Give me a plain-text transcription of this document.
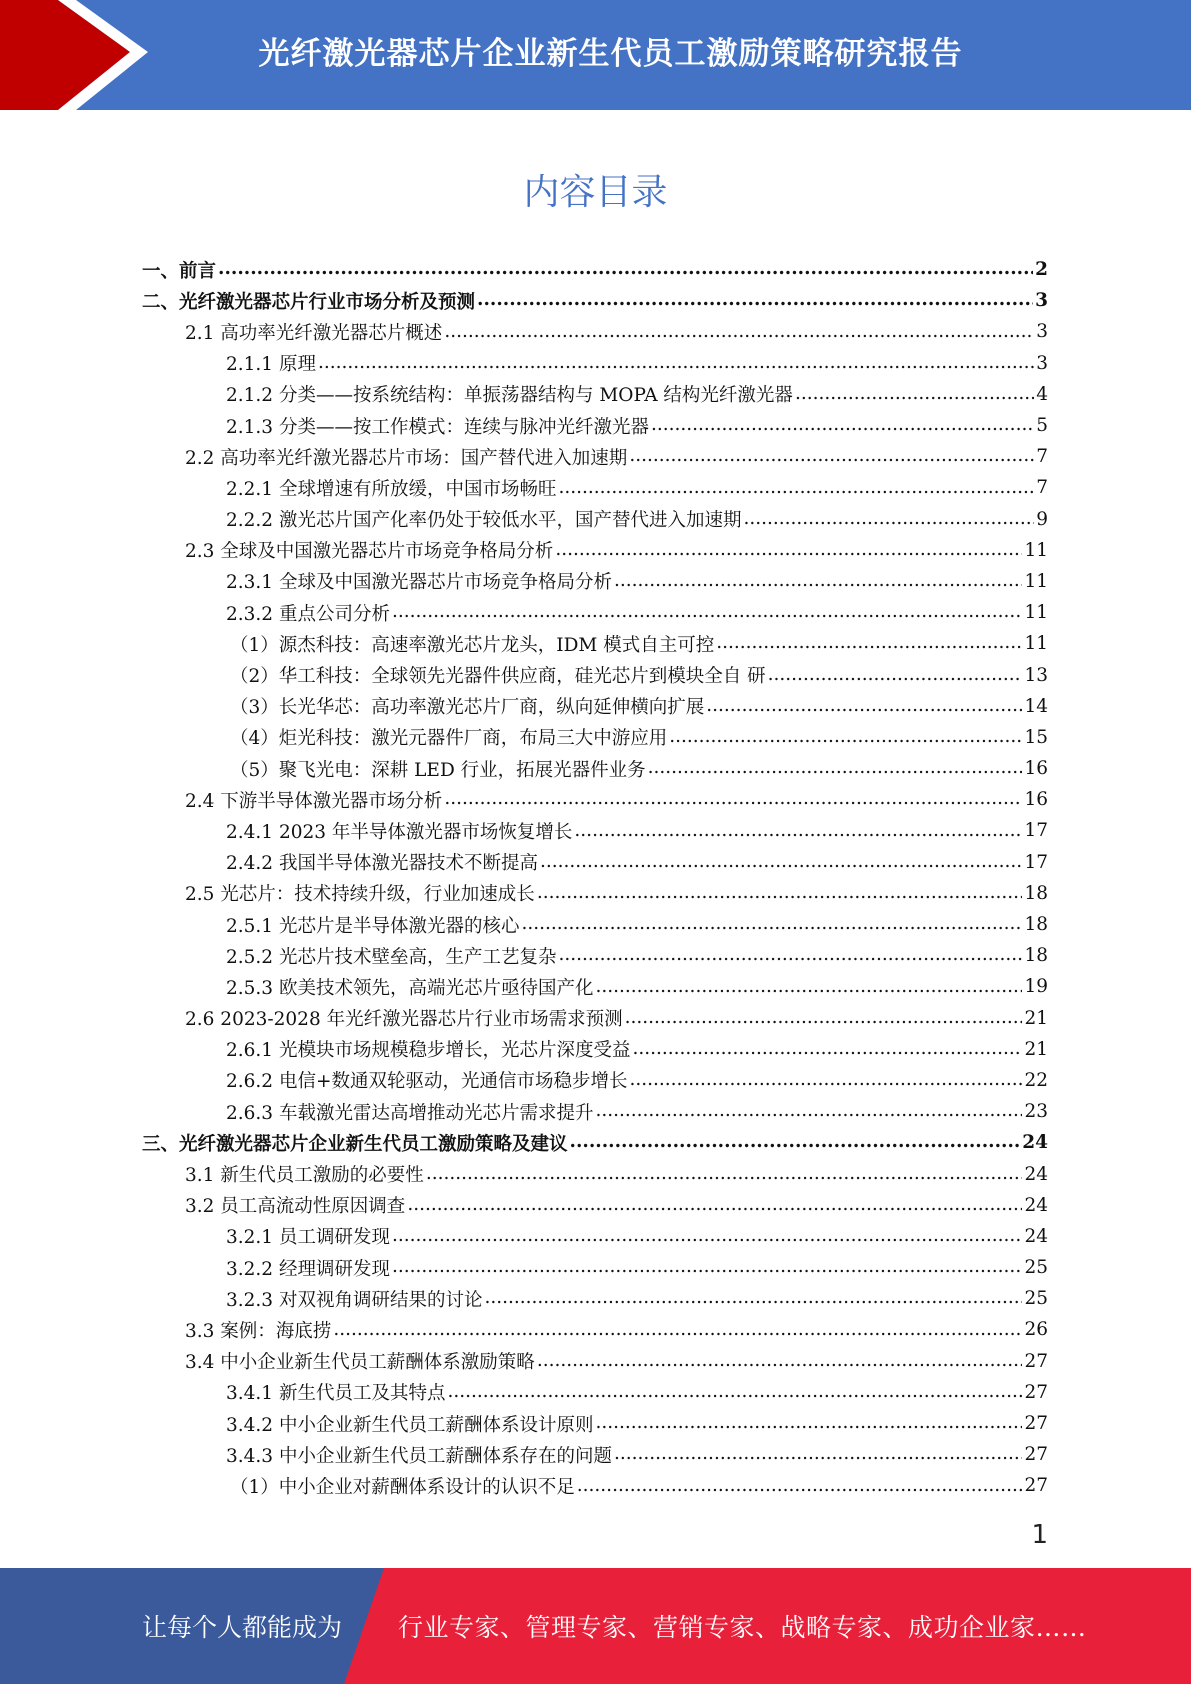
光纤激光器芯片企业新生代员工激励策略研究报告
内容目录
一、前言 .....	2
二、光纤激光器芯片行业市场分析及预测 .....	3
2.1 高功率光纤激光器芯片概述 .....	3
2.1.1 原理 .....	3
2.1.2 分类——按系统结构：单振荡器结构与 MOPA 结构光纤激光器 .....	4
2.1.3 分类——按工作模式：连续与脉冲光纤激光器 .....	5
2.2 高功率光纤激光器芯片市场：国产替代进入加速期 .....	7
2.2.1 全球增速有所放缓，中国市场畅旺 .....	7
2.2.2 激光芯片国产化率仍处于较低水平，国产替代进入加速期 .....	9
2.3 全球及中国激光器芯片市场竞争格局分析 .....	11
2.3.1 全球及中国激光器芯片市场竞争格局分析 .....	11
2.3.2 重点公司分析 .....	11
（1）源杰科技：高速率激光芯片龙头，IDM 模式自主可控 .....	11
（2）华工科技：全球领先光器件供应商，硅光芯片到模块全自 研 .....	13
（3）长光华芯：高功率激光芯片厂商，纵向延伸横向扩展 .....	14
（4）炬光科技：激光元器件厂商，布局三大中游应用 .....	15
（5）聚飞光电：深耕 LED 行业，拓展光器件业务 .....	16
2.4 下游半导体激光器市场分析 .....	16
2.4.1 2023 年半导体激光器市场恢复增长 .....	17
2.4.2 我国半导体激光器技术不断提高 .....	17
2.5 光芯片：技术持续升级，行业加速成长 .....	18
2.5.1 光芯片是半导体激光器的核心 .....	18
2.5.2 光芯片技术壁垒高，生产工艺复杂 .....	18
2.5.3 欧美技术领先，高端光芯片亟待国产化 .....	19
2.6 2023-2028 年光纤激光器芯片行业市场需求预测 .....	21
2.6.1 光模块市场规模稳步增长，光芯片深度受益 .....	21
2.6.2 电信+数通双轮驱动，光通信市场稳步增长 .....	22
2.6.3 车载激光雷达高增推动光芯片需求提升 .....	23
三、光纤激光器芯片企业新生代员工激励策略及建议 .....	24
3.1 新生代员工激励的必要性 .....	24
3.2 员工高流动性原因调查 .....	24
3.2.1 员工调研发现 .....	24
3.2.2 经理调研发现 .....	25
3.2.3 对双视角调研结果的讨论 .....	25
3.3 案例：海底捞 .....	26
3.4 中小企业新生代员工薪酬体系激励策略 .....	27
3.4.1 新生代员工及其特点 .....	27
3.4.2 中小企业新生代员工薪酬体系设计原则 .....	27
3.4.3 中小企业新生代员工薪酬体系存在的问题 .....	27
（1）中小企业对薪酬体系设计的认识不足 .....	27
1
让每个人都能成为 行业专家、管理专家、营销专家、战略专家、成功企业家……
